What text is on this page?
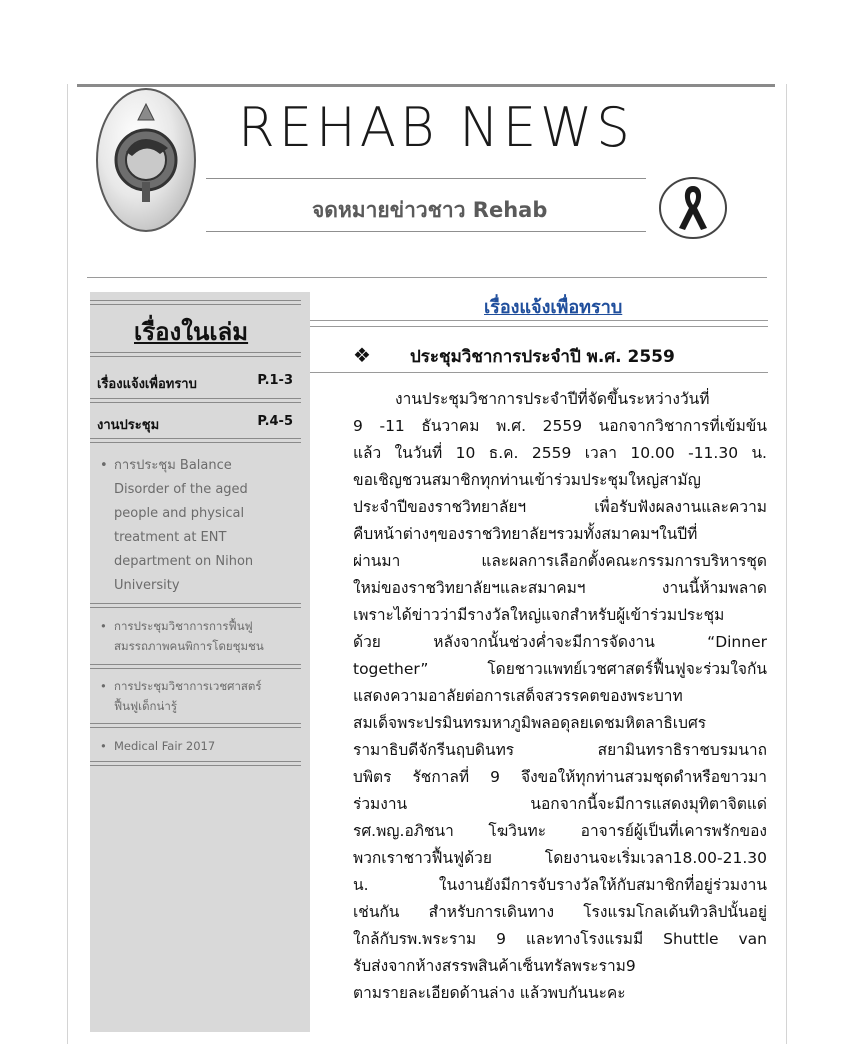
REHAB NEWS
จดหมายข่าวชาว Rehab
เรื่องในเล่ม
เรื่องแจ้งเพื่อทราบ	P.1-3
งานประชุม	P.4-5
• การประชุม Balance
Disorder of the aged
people and physical
treatment at ENT
department on Nihon
University
• การประชุมวิชาการการฟื้นฟู
สมรรถภาพคนพิการโดยชุมชน
• การประชุมวิชาการเวชศาสตร์
ฟื้นฟูเด็กน่ารู้
• Medical Fair 2017
เรื่องแจ้งเพื่อทราบ
❖ ประชุมวิชาการประจำปี พ.ศ. 2559
งานประชุมวิชาการประจำปีที่จัดขึ้นระหว่างวันที่
9 -11 ธันวาคม พ.ศ. 2559 นอกจากวิชาการที่เข้มข้น
แล้ว ในวันที่ 10 ธ.ค. 2559 เวลา 10.00 -11.30 น.
ขอเชิญชวนสมาชิกทุกท่านเข้าร่วมประชุมใหญ่สามัญ
ประจำปีของราชวิทยาลัยฯ เพื่อรับฟังผลงานและความ
คืบหน้าต่างๆของราชวิทยาลัยฯรวมทั้งสมาคมฯในปีที่
ผ่านมา และผลการเลือกตั้งคณะกรรมการบริหารชุด
ใหม่ของราชวิทยาลัยฯและสมาคมฯ งานนี้ห้ามพลาด
เพราะได้ข่าวว่ามีรางวัลใหญ่แจกสำหรับผู้เข้าร่วมประชุม
ด้วย หลังจากนั้นช่วงค่ำจะมีการจัดงาน “Dinner
together” โดยชาวแพทย์เวชศาสตร์ฟื้นฟูจะร่วมใจกัน
แสดงความอาลัยต่อการเสด็จสวรรคตของพระบาท
สมเด็จพระปรมินทรมหาภูมิพลอดุลยเดชมหิตลาธิเบศร
รามาธิบดีจักรีนฤบดินทร สยามินทราธิราชบรมนาถ
บพิตร รัชกาลที่ 9 จึงขอให้ทุกท่านสวมชุดดำหรือขาวมา
ร่วมงาน นอกจากนี้จะมีการแสดงมุทิตาจิตแด่
รศ.พญ.อภิชนา โฆวินทะ อาจารย์ผู้เป็นที่เคารพรักของ
พวกเราชาวฟื้นฟูด้วย โดยงานจะเริ่มเวลา18.00-21.30
น. ในงานยังมีการจับรางวัลให้กับสมาชิกที่อยู่ร่วมงาน
เช่นกัน สำหรับการเดินทาง โรงแรมโกลเด้นทิวลิปนั้นอยู่
ใกล้กับรพ.พระราม 9 และทางโรงแรมมี Shuttle van
รับส่งจากห้างสรรพสินค้าเซ็นทรัลพระราม9
ตามรายละเอียดด้านล่าง แล้วพบกันนะคะ
